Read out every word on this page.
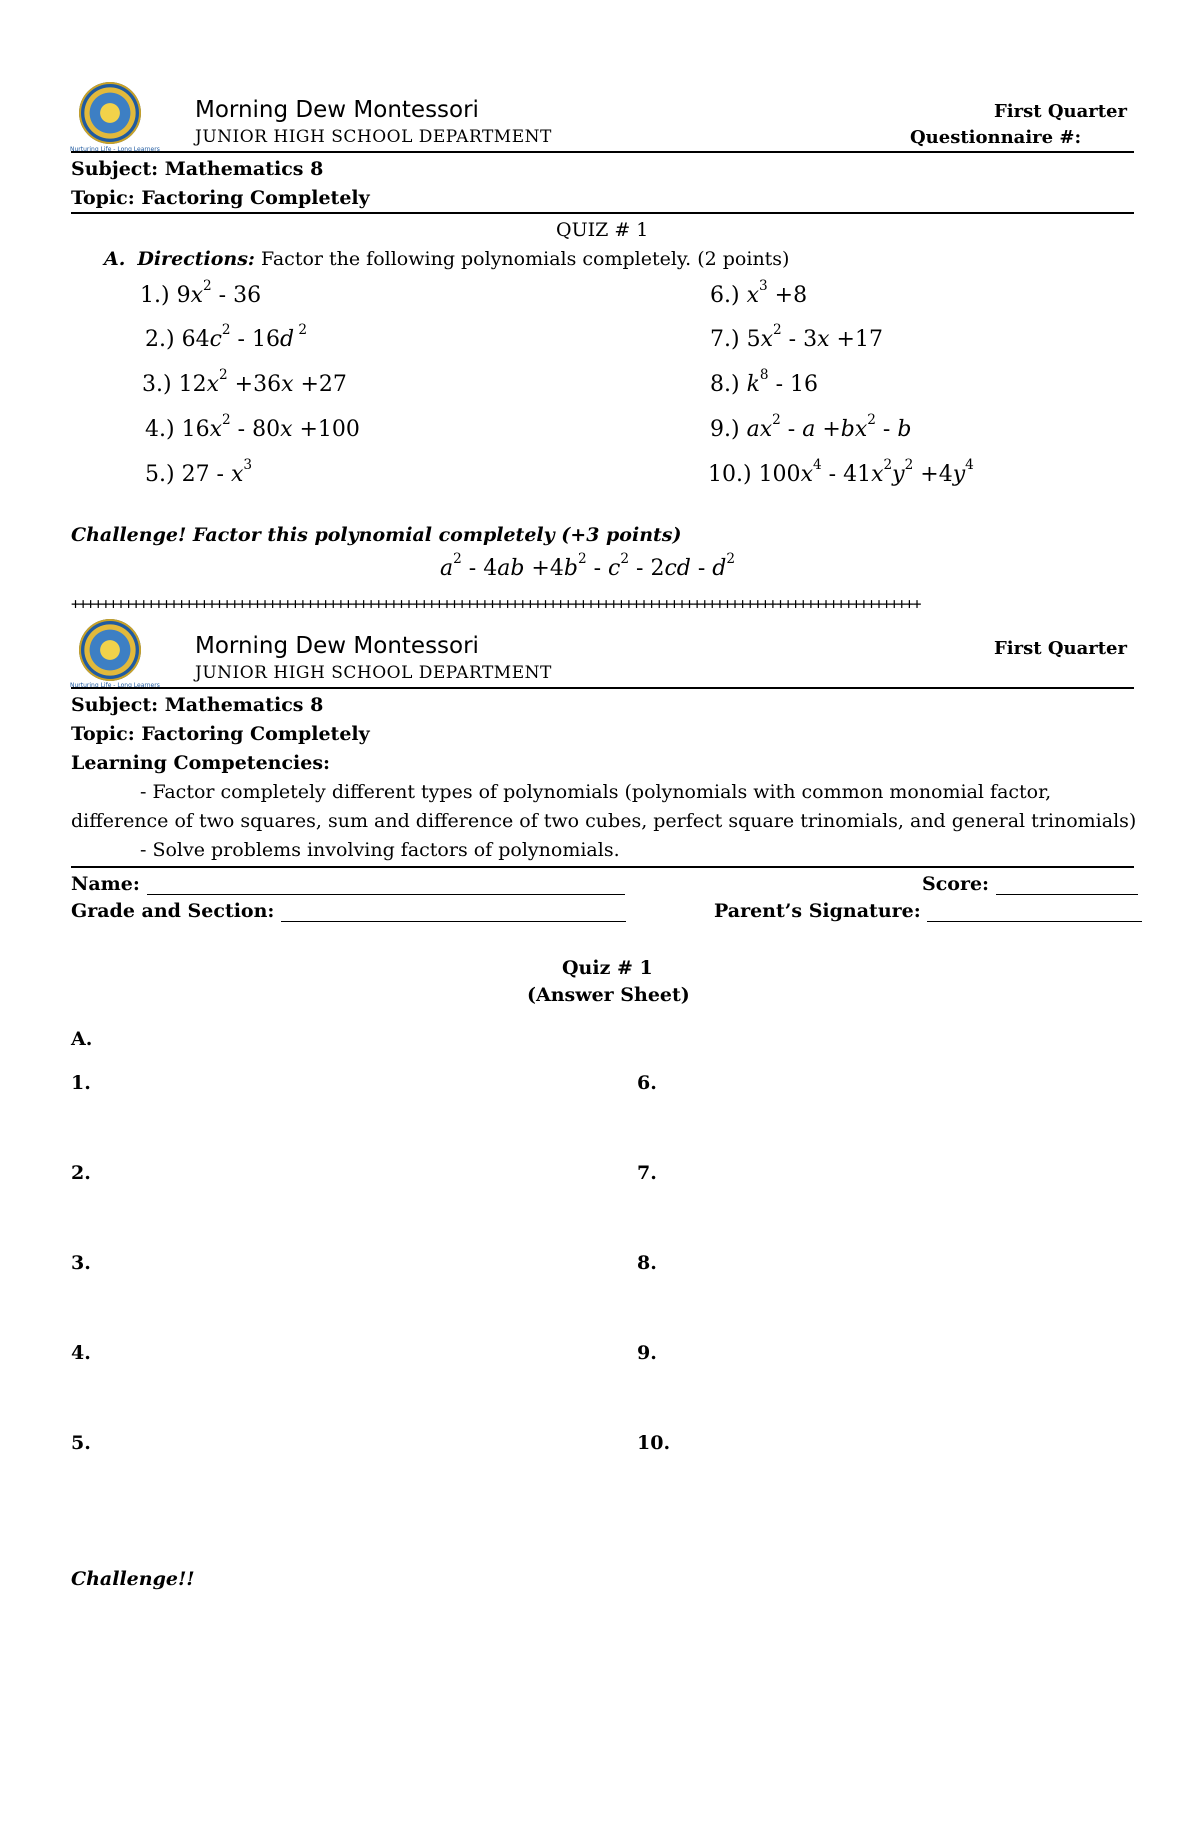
Nurturing Life - Long Learners
Morning Dew Montessori
JUNIOR HIGH SCHOOL DEPARTMENT
First Quarter
Questionnaire #:
Subject: Mathematics 8
Topic: Factoring Completely
QUIZ # 1
A. Directions: Factor the following polynomials completely. (2 points)
1.) $9x^2 - 36$
2.) $64c^2 - 16d$ $^2$
3.) $12x^2 +36x +27$
4.) $16x^2 - 80x +100$
5.) $27 - x^3$
6.) $x^3 +8$
7.) $5x^2 - 3x +17$
8.) $k^8 - 16$
9.) $ax^2 - a +bx^2 - b$
10.) $100x^4 - 41x^2y^2 +4y^4$
Challenge! Factor this polynomial completely (+3 points)
$a^2 - 4ab +4b^2 - c^2 - 2cd - d^2$
++++++++++++++++++++++++++++++++++++++++++++++++++++++++++++++++++++++++++++++++++++++++++++++++++++++++++++++++
Nurturing Life - Long Learners
Morning Dew Montessori
JUNIOR HIGH SCHOOL DEPARTMENT
First Quarter
Subject: Mathematics 8
Topic: Factoring Completely
Learning Competencies:
- Factor completely different types of polynomials (polynomials with common monomial factor,
difference of two squares, sum and difference of two cubes, perfect square trinomials, and general trinomials)
- Solve problems involving factors of polynomials.
Name:	Score:
Grade and Section:	Parent’s Signature:
Quiz # 1
(Answer Sheet)
A.
1.
2.
3.
4.
5.
6.
7.
8.
9.
10.
Challenge!!
